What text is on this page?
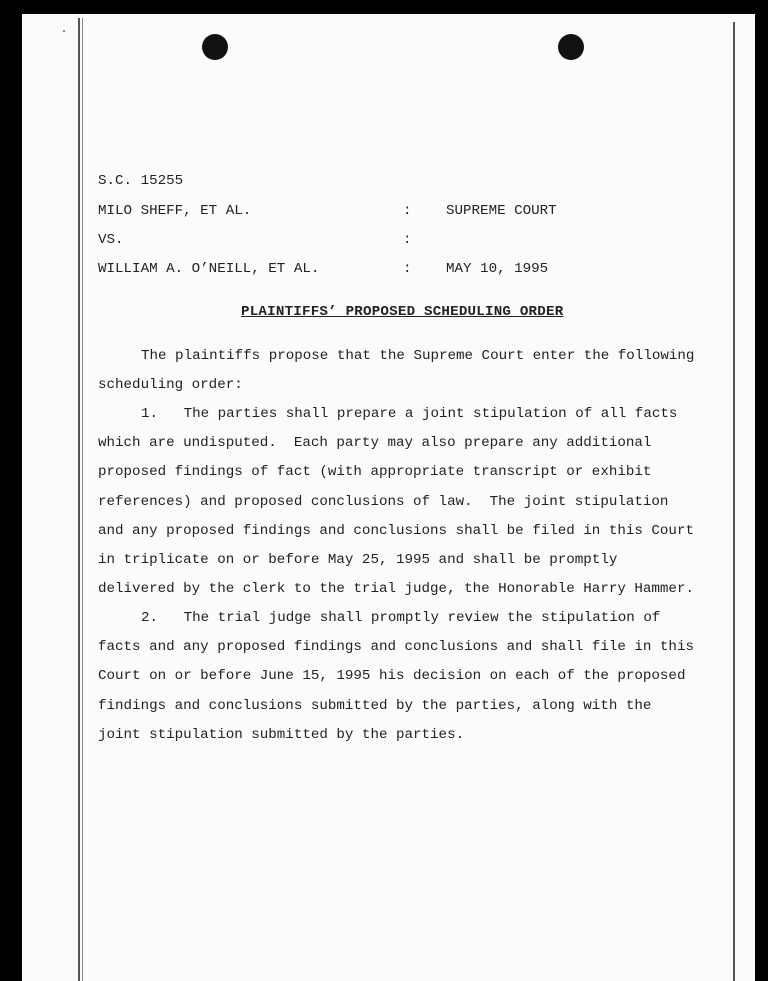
S.C. 15255
MILO SHEFF, ET AL.	: SUPREME COURT
VS.	:
WILLIAM A. O’NEILL, ET AL.	: MAY 10, 1995
PLAINTIFFS’ PROPOSED SCHEDULING ORDER
The plaintiffs propose that the Supreme Court enter the following
scheduling order:
1.   The parties shall prepare a joint stipulation of all facts
which are undisputed.  Each party may also prepare any additional
proposed findings of fact (with appropriate transcript or exhibit
references) and proposed conclusions of law.  The joint stipulation
and any proposed findings and conclusions shall be filed in this Court
in triplicate on or before May 25, 1995 and shall be promptly
delivered by the clerk to the trial judge, the Honorable Harry Hammer.
2.   The trial judge shall promptly review the stipulation of
facts and any proposed findings and conclusions and shall file in this
Court on or before June 15, 1995 his decision on each of the proposed
findings and conclusions submitted by the parties, along with the
joint stipulation submitted by the parties.
